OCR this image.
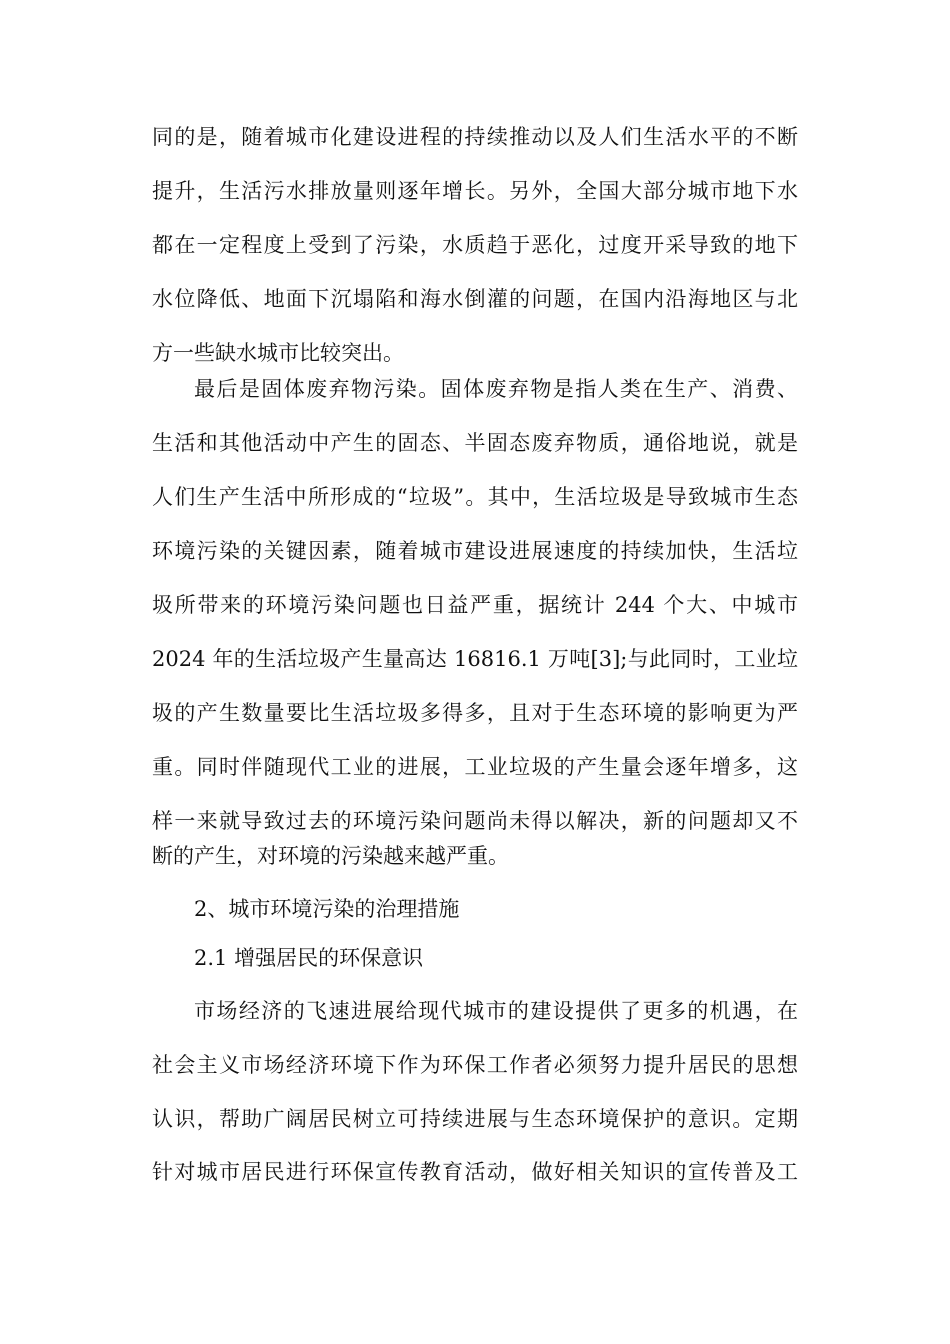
同的是，随着城市化建设进程的持续推动以及人们生活水平的不断
提升，生活污水排放量则逐年增长。另外，全国大部分城市地下水
都在一定程度上受到了污染，水质趋于恶化，过度开采导致的地下
水位降低、地面下沉塌陷和海水倒灌的问题，在国内沿海地区与北
方一些缺水城市比较突出。
最后是固体废弃物污染。固体废弃物是指人类在生产、消费、
生活和其他活动中产生的固态、半固态废弃物质，通俗地说，就是
人们生产生活中所形成的“垃圾”。其中，生活垃圾是导致城市生态
环境污染的关键因素，随着城市建设进展速度的持续加快，生活垃
圾所带来的环境污染问题也日益严重，据统计 244 个大、中城市
2024 年的生活垃圾产生量高达 16816.1 万吨[3];与此同时，工业垃
圾的产生数量要比生活垃圾多得多，且对于生态环境的影响更为严
重。同时伴随现代工业的进展，工业垃圾的产生量会逐年增多，这
样一来就导致过去的环境污染问题尚未得以解决，新的问题却又不
断的产生，对环境的污染越来越严重。
2、城市环境污染的治理措施
2.1 增强居民的环保意识
市场经济的飞速进展给现代城市的建设提供了更多的机遇，在
社会主义市场经济环境下作为环保工作者必须努力提升居民的思想
认识，帮助广阔居民树立可持续进展与生态环境保护的意识。定期
针对城市居民进行环保宣传教育活动，做好相关知识的宣传普及工
